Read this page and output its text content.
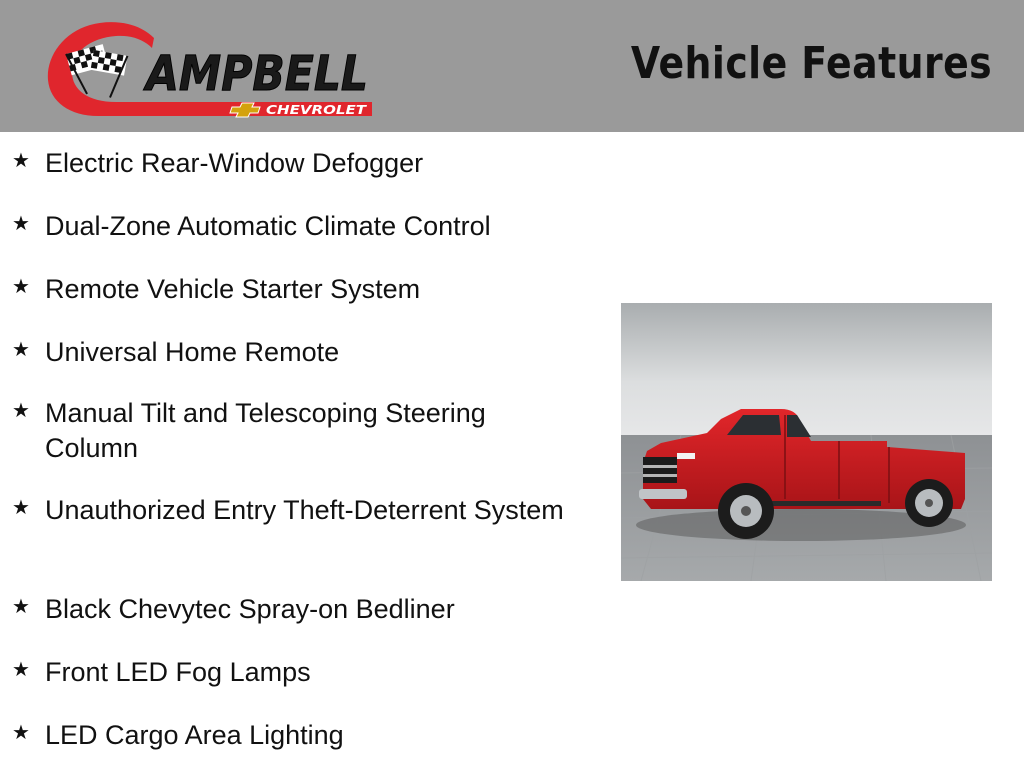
AMPBELL
CHEVROLET
Vehicle Features
★ Electric Rear-Window Defogger
★ Dual-Zone Automatic Climate Control
★ Remote Vehicle Starter System
★ Universal Home Remote
★ Manual Tilt and Telescoping Steering Column
★ Unauthorized Entry Theft-Deterrent System
★ Black Chevytec Spray-on Bedliner
★ Front LED Fog Lamps
★ LED Cargo Area Lighting
